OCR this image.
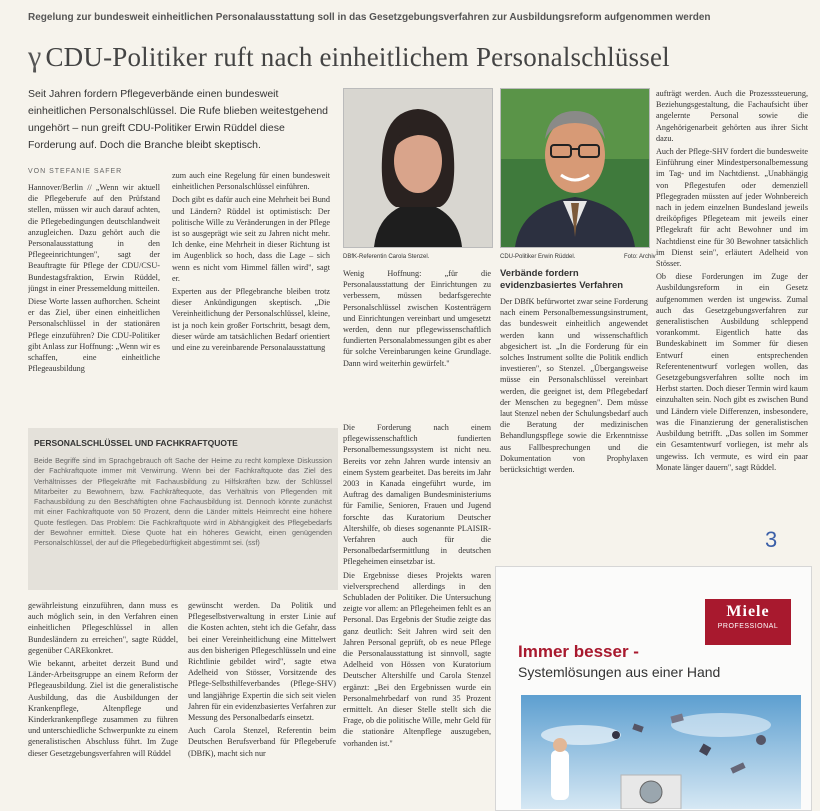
Regelung zur bundesweit einheitlichen Personalausstattung soll in das Gesetzgebungsverfahren zur Ausbildungsreform aufgenommen werden
γ CDU-Politiker ruft nach einheitlichem Personalschlüssel
Seit Jahren fordern Pflegeverbände einen bundesweit einheitlichen Personalschlüssel. Die Rufe blieben weitestgehend ungehört – nun greift CDU-Politiker Erwin Rüddel diese Forderung auf. Doch die Branche bleibt skeptisch.
VON STEFANIE SAFER

Hannover/Berlin // „Wenn wir aktuell die Pflegeberufe auf den Prüfstand stellen, müssen wir auch darauf achten, die Pflegebedingungen deutschlandweit anzugleichen. Dazu gehört auch die Personalausstattung in den Pflegeeinrichtungen", sagt der Beauftragte für Pflege der CDU/CSU-Bundestagsfraktion, Erwin Rüddel, jüngst in einer Pressemeldung mitteilen.

Diese Worte lassen aufhorchen. Scheint er das Ziel, über einen einheitlichen Personalschlüssel in der stationären Pflege einzuführen? Die CDU-Politiker gibt Anlass zur Hoffnung: „Wenn wir es schaffen, eine einheitliche Pflegeausbildung

zum auch eine Regelung für einen bundesweit einheitlichen Personalschlüssel einführen.

Doch gibt es dafür auch eine Mehrheit bei Bund und Ländern? Rüddel ist optimistisch: Der politische Wille zu Veränderungen in der Pflege ist so ausgeprägt wie seit zu Jahren nicht mehr. Ich denke, eine Mehrheit in dieser Richtung ist im Augenblick so hoch, dass die Lage – sich wenn es nicht vom Himmel fällen wird", sagt er.

Experten aus der Pflegebranche bleiben trotz dieser Ankündigungen skeptisch. „Die Vereinheitlichung der Personalschlüssel, kleine, ist ja noch kein großer Fortschritt, besagt dem, dieser würde am tatsächlichen Bedarf orientiert und eine zu vereinbarende Personalausstattung

DBfK-Referentin Carola Stenzel.	CDU-Politiker Erwin Rüddel.	Foto: Archiv

Wenig Hoffnung: „für die Personalausstattung der Einrichtungen zu verbessern, müssen bedarfsgerechte Personalschlüssel zwischen Kostenträgern und Einrichtungen vereinbart und umgesetzt werden, denn nur pflegewissenschaftlich fundierten Personalabmessungen gibt es aber für solche Vereinbarungen keine Grundlage. Dann wird weiterhin gewürfelt."

Verbände fordern evidenzbasiertes Verfahren

Der DBfK befürwortet zwar seine Forderung nach einem Personalbemessungsinstrument, das bundesweit einheitlich angewendet werden kann und wissenschaftlich abgesichert ist. „In die Forderung für ein solches Instrument sollte die Politik endlich investieren", so Stenzel. „Übergangsweise müsse ein Personalschlüssel vereinbart werden, die geeignet ist, dem Pflegebedarf der Menschen zu begegnen". Dem müsse laut Stenzel neben der Schulungsbedarf auch die Beratung der medizinischen Behandlungspflege sowie die Erkenntnisse aus Fallbesprechungen und die Dokumentation von Prophylaxen berücksichtigt werden.

Die Forderung nach einem pflegewissenschaftlich fundierten Personalbemessungssystem ist nicht neu. Bereits vor zehn Jahren wurde intensiv an einem System gearbeitet. Das bereits im Jahr 2003 in Kanada eingeführt wurde, im Auftrag des damaligen Bundesministeriums für Familie, Senioren, Frauen und Jugend forschte das Kuratorium Deutscher Altershilfe, ob dieses sogenannte PLAISIR-Verfahren auch für die Personalbedarfsermittlung in deutschen Pflegeheimen einsetzbar ist.

Die Ergebnisse dieses Projekts waren vielversprechend allerdings in den Schubladen der Politiker. Die Untersuchung zeigte vor allem: an Pflegeheimen fehlt es an Personal. Das Ergebnis der Studie zeigte das ganz deutlich: Seit Jahren wird seit den Jahren Personal geprüft, ob es neue Pflege die Personalausstattung ist sinnvoll, sagte Adelheid von Hössen von Kuratorium Deutscher Altershilfe und Carola Stenzel ergänzt: „Bei den Ergebnissen wurde ein Personalmehrbedarf von rund 35 Prozent ermittelt. An dieser Stelle stellt sich die Frage, ob die politische Wille, mehr Geld für die stationäre Altenpflege auszugeben, vorhanden ist."

aufträgt werden. Auch die Prozesssteuerung, Beziehungsgestaltung, die Fachaufsicht über angelernte Personal sowie die Angehörigenarbeit gehörten aus ihrer Sicht dazu.

Auch der Pflege-SHV fordert die bundesweite Einführung einer Mindestpersonalbemessung im Tag- und im Nachtdienst. „Unabhängig von Pflegestufen oder demenziell Pflegegraden müssten auf jeder Wohnbereich nach in jedem einzelnen Bundesland jeweils dreiköpfiges Pflegeteam mit jeweils einer Pflegekraft für acht Bewohner und im Nachtdienst eine für 30 Bewohner tatsächlich im Dienst sein", erläutert Adelheid von Stösser.

Ob diese Forderungen im Zuge der Ausbildungsreform in ein Gesetz aufgenommen werden ist ungewiss. Zumal auch das Gesetzgebungsverfahren zur generalistischen Ausbildung schleppend vorankommt. Eigentlich hatte das Bundeskabinett im Sommer für diesen Entwurf einen entsprechenden Referentenentwurf vorlegen wollen, das Gesetzgebungsverfahren sollte noch im Herbst starten. Doch dieser Termin wird kaum einzuhalten sein. Noch gibt es zwischen Bund und Ländern viele Differenzen, insbesondere, was die Finanzierung der generalistischen Ausbildung betrifft. „Das sollen im Sommer ein Gesamtentwurf vorliegen, ist mehr als ungewiss. Ich vermute, es wird ein paar Monate länger dauern", sagt Rüddel.

PERSONALSCHLÜSSEL UND FACHKRAFTQUOTE
Beide Begriffe sind im Sprachgebrauch oft Sache der Heime zu recht komplexe Diskussion der Fachkraftquote immer mit Verwirrung. Wenn bei der Fachkraftquote das Ziel des Verhältnisses der Pflegekräfte mit Fachausbildung zu Hilfskräften bzw. der Schlüssel Mitarbeiter zu Bewohnern, bzw. Fachkräftequote, das Verhältnis von Pflegenden mit Fachausbildung zu den Beschäftigten ohne Fachausbildung ist. Dennoch könnte zunächst mit einer Fachkraftquote von 50 Prozent, denn die Länder mittels Heimrecht eine höhere Quote festlegen. Das Problem: Die Fachkraftquote wird in Abhängigkeit des Pflegebedarfs der Bewohner ermittelt. Diese Quote hat ein höheres Gewicht, einen genügenden Personalschlüssel, der auf die Pflegebedürftigkeit abgestimmt sei. (ssf)

gewährleistung einzuführen, dann muss es auch möglich sein, in den Verfahren einen einheitlichen Pflegeschlüssel in allen Bundesländern zu erreichen", sagte Rüddel, gegenüber CAREkonkret.

Wie bekannt, arbeitet derzeit Bund und Länder-Arbeitsgruppe an einem Reform der Pflegeausbildung. Ziel ist die generalistische Ausbildung, das die Ausbildungen der Krankenpflege, Altenpflege und Kinderkrankenpflege zusammen zu führen und unterschiedliche Schwerpunkte zu einem generalistischen Abschluss führt. Im Zuge dieser Gesetzgebungsverfahren will Rüddel

gewünscht werden. Da Politik und Pflegeselbstverwaltung in erster Linie auf die Kosten achten, steht ich die Gefahr, dass bei einer Vereinheitlichung eine Mittelwert aus den bisherigen Pflegeschlüsseln und eine Richtlinie gebildet wird", sagte etwa Adelheid von Stösser, Vorsitzende des Pflege-Selbsthilfeverbandes (Pflege-SHV) und langjährige Expertin die sich seit vielen Jahren für ein evidenzbasiertes Verfahren zur Messung des Personalbedarfs einsetzt.

Auch Carola Stenzel, Referentin beim Deutschen Berufsverband für Pflegeberufe (DBfK), macht sich nur

3
Miele
PROFESSIONAL
Immer besser -
Systemlösungen aus einer Hand
